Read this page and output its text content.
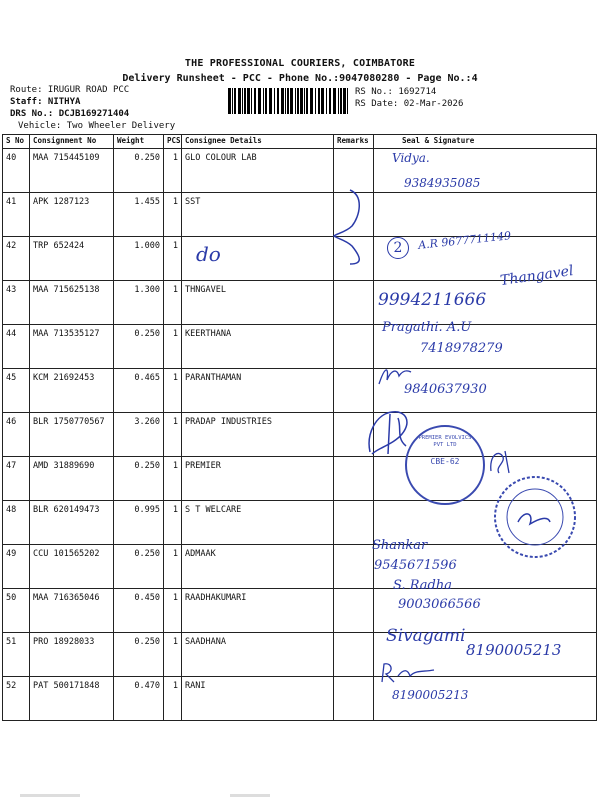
THE PROFESSIONAL COURIERS, COIMBATORE
Delivery Runsheet - PCC - Phone No.:9047080280 - Page No.:4
Route: IRUGUR ROAD PCC
Staff: NITHYA
DRS No.: DCJB169271404
Vehicle: Two Wheeler Delivery
RS No.: 1692714
RS Date: 02-Mar-2026
S No	Consignment No	Weight	PCS	Consignee Details	Remarks	Seal & Signature
40	MAA 715445109	0.250	1	GLO COLOUR LAB		
41	APK 1287123	1.455	1	SST		
42	TRP 652424	1.000	1			
43	MAA 715625138	1.300	1	THNGAVEL		
44	MAA 713535127	0.250	1	KEERTHANA		
45	KCM 21692453	0.465	1	PARANTHAMAN		
46	BLR 1750770567	3.260	1	PRADAP INDUSTRIES		
47	AMD 31889690	0.250	1	PREMIER		
48	BLR 620149473	0.995	1	S T WELCARE		
49	CCU 101565202	0.250	1	ADMAAK		
50	MAA 716365046	0.450	1	RAADHAKUMARI		
51	PRO 18928033	0.250	1	SAADHANA		
52	PAT 500171848	0.470	1	RANI		
Vidya.
9384935085
do	2	A.R 9677711149
Thangavel
9994211666
Pragathi. A.U
7418978279
9840637930
CBE-62
PREMIER EVOLVICS PVT LTD
Shankar
9545671596
S. Radha
9003066566
Sivagami
8190005213
8190005213
